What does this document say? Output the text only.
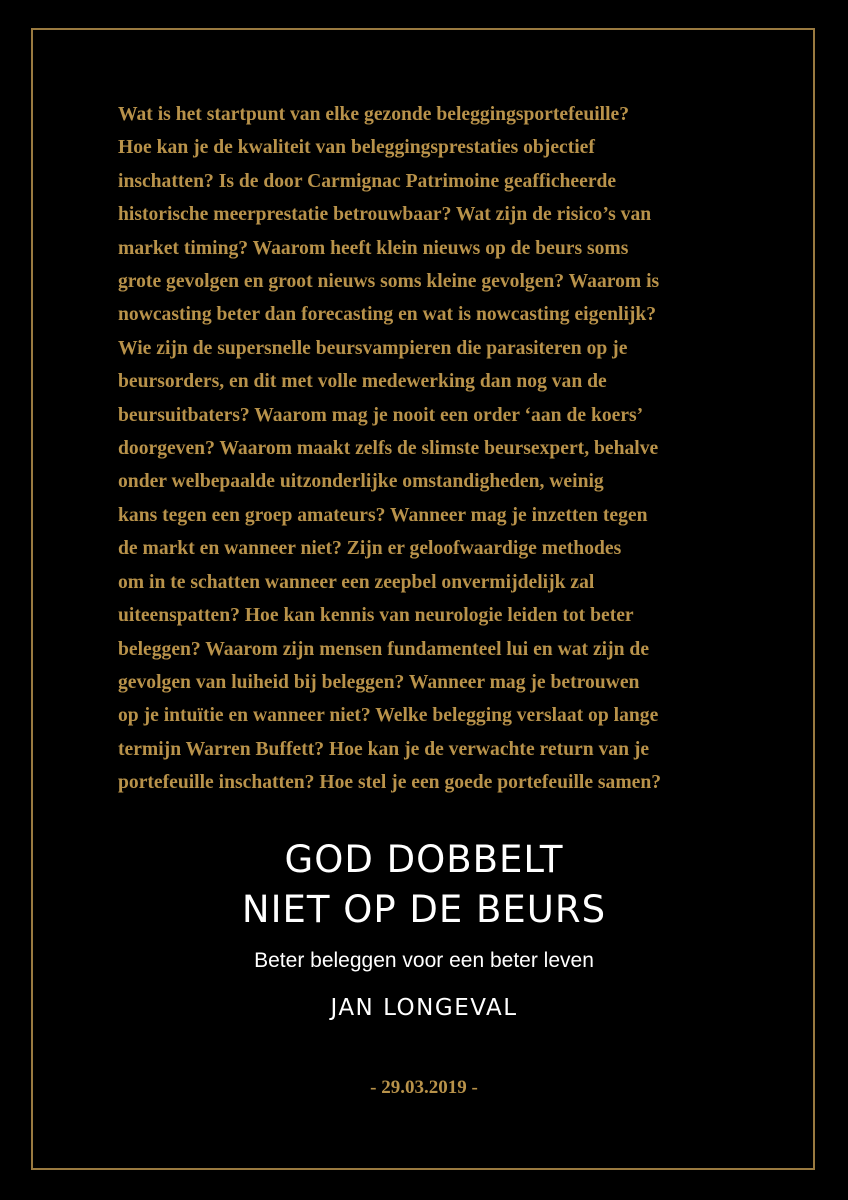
Wat is het startpunt van elke gezonde beleggingsportefeuille?
Hoe kan je de kwaliteit van beleggingsprestaties objectief
inschatten? Is de door Carmignac Patrimoine geafficheerde
historische meerprestatie betrouwbaar? Wat zijn de risico’s van
market timing? Waarom heeft klein nieuws op de beurs soms
grote gevolgen en groot nieuws soms kleine gevolgen? Waarom is
nowcasting beter dan forecasting en wat is nowcasting eigenlijk?
Wie zijn de supersnelle beursvampieren die parasiteren op je
beursorders, en dit met volle medewerking dan nog van de
beursuitbaters? Waarom mag je nooit een order ‘aan de koers’
doorgeven? Waarom maakt zelfs de slimste beursexpert, behalve
onder welbepaalde uitzonderlijke omstandigheden, weinig
kans tegen een groep amateurs? Wanneer mag je inzetten tegen
de markt en wanneer niet? Zijn er geloofwaardige methodes
om in te schatten wanneer een zeepbel onvermijdelijk zal
uiteenspatten? Hoe kan kennis van neurologie leiden tot beter
beleggen? Waarom zijn mensen fundamenteel lui en wat zijn de
gevolgen van luiheid bij beleggen? Wanneer mag je betrouwen
op je intuïtie en wanneer niet? Welke belegging verslaat op lange
termijn Warren Buffett? Hoe kan je de verwachte return van je
portefeuille inschatten? Hoe stel je een goede portefeuille samen?
GOD DOBBELT
NIET OP DE BEURS

Beter beleggen voor een beter leven

JAN LONGEVAL

- 29.03.2019 -
